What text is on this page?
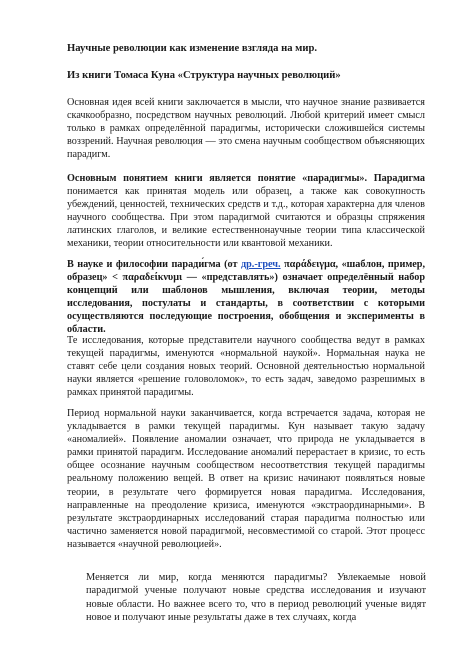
Научные революции как изменение взгляда на мир.
Из книги Томаса Куна «Структура научных революций»
Основная идея всей книги заключается в мысли, что научное знание развивается скачкообразно, посредством научных революций. Любой критерий имеет смысл только в рамках определённой парадигмы, исторически сложившейся системы воззрений. Научная революция — это смена научным сообществом объясняющих парадигм.
Основным понятием книги является понятие «парадигмы». Парадигма понимается как принятая модель или образец, а также как совокупность убеждений, ценностей, технических средств и т.д., которая характерна для членов научного сообщества. При этом парадигмой считаются и образцы спряжения латинских глаголов, и великие естественнонаучные теории типа классической механики, теории относительности или квантовой механики.
В науке и философии паради́гма (от др.-греч. παράδειγμα, «шаблон, пример, образец» < παραδείκνυμι — «представлять») означает определённый набор концепций или шаблонов мышления, включая теории, методы исследования, постулаты и стандарты, в соответствии с которыми осуществляются последующие построения, обобщения и эксперименты в области.
Те исследования, которые представители научного сообщества ведут в рамках текущей парадигмы, именуются «нормальной наукой». Нормальная наука не ставят себе цели создания новых теорий. Основной деятельностью нормальной науки является «решение головоломок», то есть задач, заведомо разрешимых в рамках принятой парадигмы.
Период нормальной науки заканчивается, когда встречается задача, которая не укладывается в рамки текущей парадигмы. Кун называет такую задачу «аномалией». Появление аномалии означает, что природа не укладывается в рамки принятой парадигм. Исследование аномалий перерастает в кризис, то есть общее осознание научным сообществом несоответствия текущей парадигмы реальному положению вещей. В ответ на кризис начинают появляться новые теории, в результате чего формируется новая парадигма. Исследования, направленные на преодоление кризиса, именуются «экстраординарными». В результате экстраординарных исследований старая парадигма полностью или частично заменяется новой парадигмой, несовместимой со старой. Этот процесс называется «научной революцией».
Меняется ли мир, когда меняются парадигмы? Увлекаемые новой парадигмой ученые получают новые средства исследования и изучают новые области. Но важнее всего то, что в период революций ученые видят новое и получают иные результаты даже в тех случаях, когда
